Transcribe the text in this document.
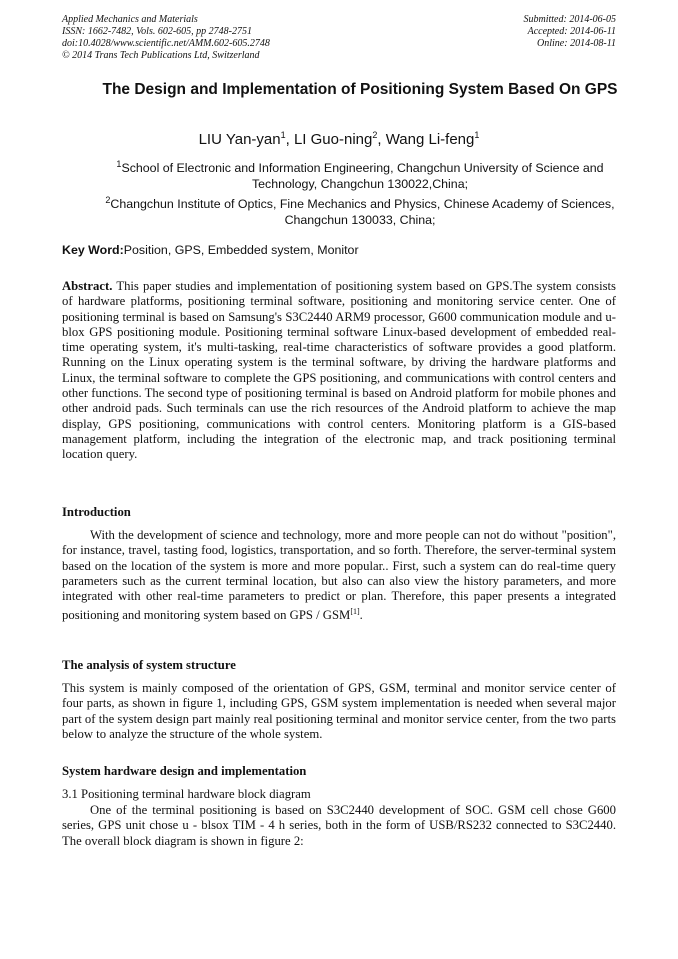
Applied Mechanics and Materials
ISSN: 1662-7482, Vols. 602-605, pp 2748-2751
doi:10.4028/www.scientific.net/AMM.602-605.2748
© 2014 Trans Tech Publications Ltd, Switzerland
Submitted: 2014-06-05
Accepted: 2014-06-11
Online: 2014-08-11
The Design and Implementation of Positioning System Based On GPS
LIU Yan-yan$^1$, LI Guo-ning$^2$, Wang Li-feng$^1$
$^1$School of Electronic and Information Engineering, Changchun University of Science and Technology, Changchun 130022,China;
$^2$Changchun Institute of Optics, Fine Mechanics and Physics, Chinese Academy of Sciences, Changchun 130033, China;
Key Word:Position, GPS, Embedded system, Monitor
Abstract. This paper studies and implementation of positioning system based on GPS.The system consists of hardware platforms, positioning terminal software, positioning and monitoring service center. One of positioning terminal is based on Samsung's S3C2440 ARM9 processor, G600 communication module and u-blox GPS positioning module. Positioning terminal software Linux-based development of embedded real-time operating system, it's multi-tasking, real-time characteristics of software provides a good platform. Running on the Linux operating system is the terminal software, by driving the hardware platforms and Linux, the terminal software to complete the GPS positioning, and communications with control centers and other functions. The second type of positioning terminal is based on Android platform for mobile phones and other android pads. Such terminals can use the rich resources of the Android platform to achieve the map display, GPS positioning, communications with control centers. Monitoring platform is a GIS-based management platform, including the integration of the electronic map, and track positioning terminal location query.
Introduction
With the development of science and technology, more and more people can not do without "position", for instance, travel, tasting food, logistics, transportation, and so forth. Therefore, the server-terminal system based on the location of the system is more and more popular.. First, such a system can do real-time query parameters such as the current terminal location, but also can also view the history parameters, and more integrated with other real-time parameters to predict or plan. Therefore, this paper presents a integrated positioning and monitoring system based on GPS / GSM[1].
The analysis of system structure
This system is mainly composed of the orientation of GPS, GSM, terminal and monitor service center of four parts, as shown in figure 1, including GPS, GSM system implementation is needed when several major part of the system design part mainly real positioning terminal and monitor service center, from the two parts below to analyze the structure of the whole system.
System hardware design and implementation
3.1 Positioning terminal hardware block diagram
One of the terminal positioning is based on S3C2440 development of SOC. GSM cell chose G600 series, GPS unit chose u - blsox TIM - 4 h series, both in the form of USB/RS232 connected to S3C2440. The overall block diagram is shown in figure 2:
